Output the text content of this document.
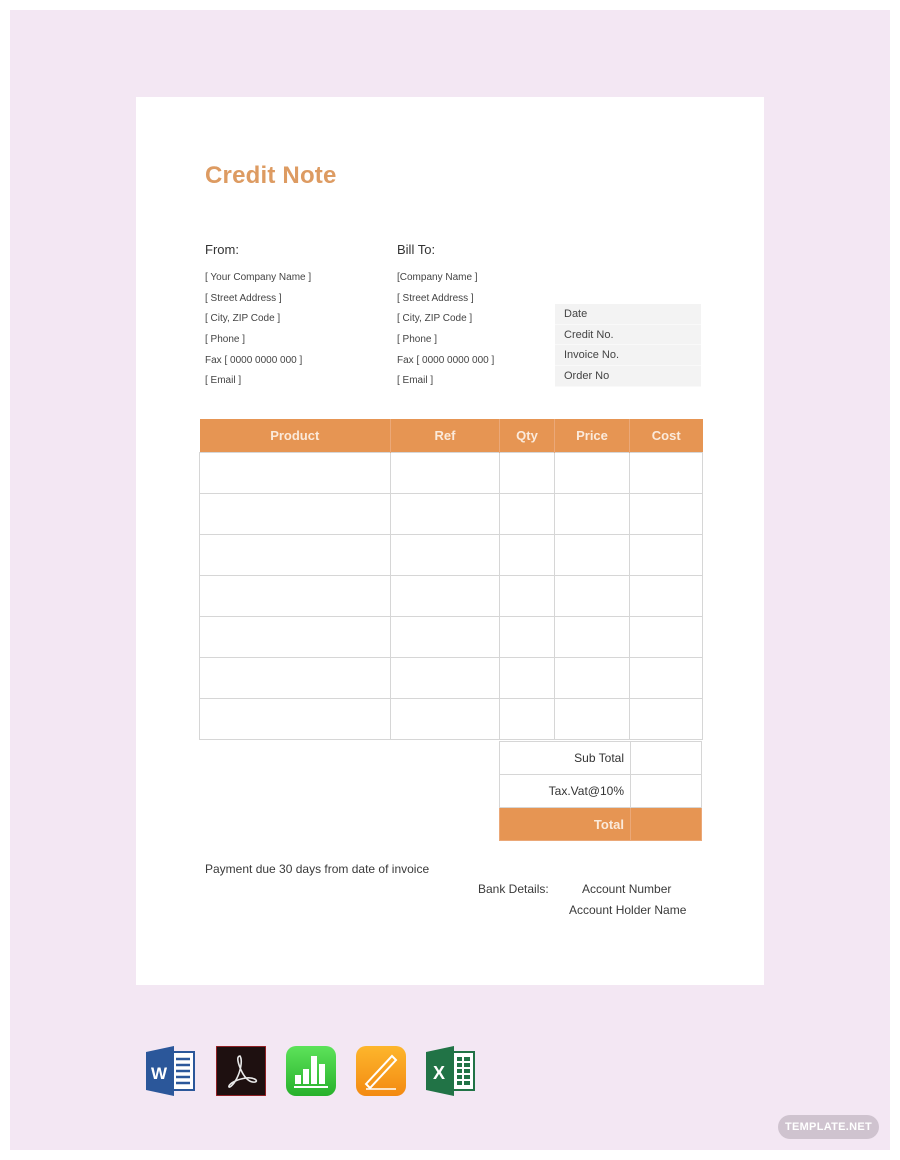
Credit Note
From:
[ Your Company Name ]
[ Street Address ]
[ City, ZIP Code ]
[ Phone ]
Fax [ 0000 0000 000 ]
[ Email ]
Bill To:
[Company Name ]
[ Street Address ]
[ City, ZIP Code ]
[ Phone ]
Fax [ 0000 0000 000 ]
[ Email ]
Date
Credit No.
Invoice No.
Order No
Product	Ref	Qty	Price	Cost

Sub Total	
Tax.Vat@10%	
Total	
Payment due 30 days from date of invoice
Bank Details:	Account Number
Account Holder Name
W	X
TEMPLATE.NET
